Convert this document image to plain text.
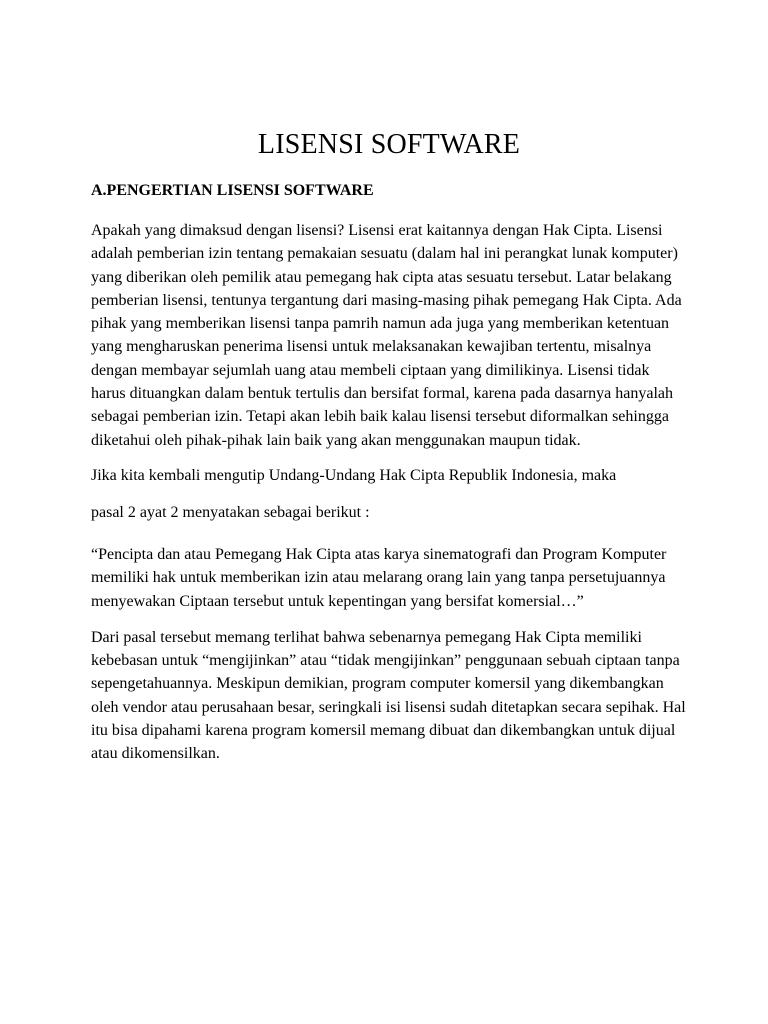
LISENSI SOFTWARE
A.PENGERTIAN LISENSI SOFTWARE

Apakah yang dimaksud dengan lisensi? Lisensi erat kaitannya dengan Hak Cipta. Lisensi adalah pemberian izin tentang pemakaian sesuatu (dalam hal ini perangkat lunak komputer) yang diberikan oleh pemilik atau pemegang hak cipta atas sesuatu tersebut. Latar belakang pemberian lisensi, tentunya tergantung dari masing-masing pihak pemegang Hak Cipta. Ada pihak yang memberikan lisensi tanpa pamrih namun ada juga yang memberikan ketentuan yang mengharuskan penerima lisensi untuk melaksanakan kewajiban tertentu, misalnya dengan membayar sejumlah uang atau membeli ciptaan yang dimilikinya. Lisensi tidak harus dituangkan dalam bentuk tertulis dan bersifat formal, karena pada dasarnya hanyalah sebagai pemberian izin. Tetapi akan lebih baik kalau lisensi tersebut diformalkan sehingga diketahui oleh pihak-pihak lain baik yang akan menggunakan maupun tidak.

Jika kita kembali mengutip Undang-Undang Hak Cipta Republik Indonesia, maka

pasal 2 ayat 2 menyatakan sebagai berikut :

“Pencipta dan atau Pemegang Hak Cipta atas karya sinematografi dan Program Komputer memiliki hak untuk memberikan izin atau melarang orang lain yang tanpa persetujuannya menyewakan Ciptaan tersebut untuk kepentingan yang bersifat komersial…”

Dari pasal tersebut memang terlihat bahwa sebenarnya pemegang Hak Cipta memiliki kebebasan untuk “mengijinkan” atau “tidak mengijinkan” penggunaan sebuah ciptaan tanpa sepengetahuannya. Meskipun demikian, program computer komersil yang dikembangkan oleh vendor atau perusahaan besar, seringkali isi lisensi sudah ditetapkan secara sepihak. Hal itu bisa dipahami karena program komersil memang dibuat dan dikembangkan untuk dijual atau dikomensilkan.
